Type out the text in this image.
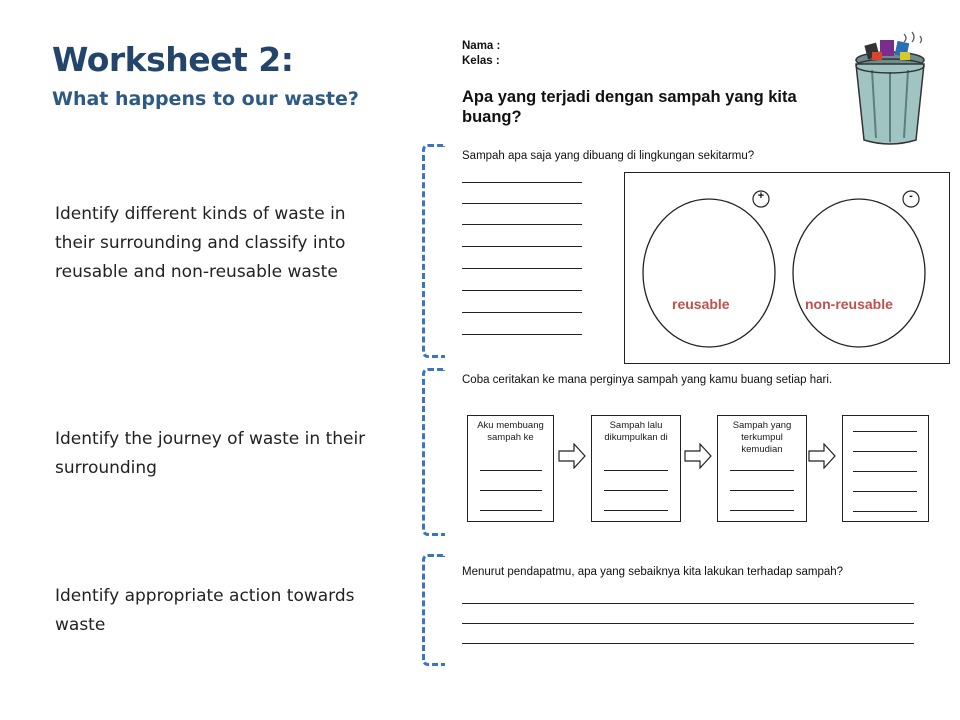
Worksheet 2:
What happens to our waste?
Identify different kinds of waste in their surrounding and classify into reusable and non-reusable waste
Identify the journey of waste in their surrounding
Identify appropriate action towards waste
Nama :
Kelas :
Apa yang terjadi dengan sampah yang kita buang?
Sampah apa saja yang dibuang di lingkungan sekitarmu?
+	-
reusable	non-reusable
Coba ceritakan ke mana perginya sampah yang kamu buang setiap hari.
Aku membuang sampah ke
Sampah lalu dikumpulkan di
Sampah yang terkumpul kemudian
Menurut pendapatmu, apa yang sebaiknya kita lakukan terhadap sampah?
